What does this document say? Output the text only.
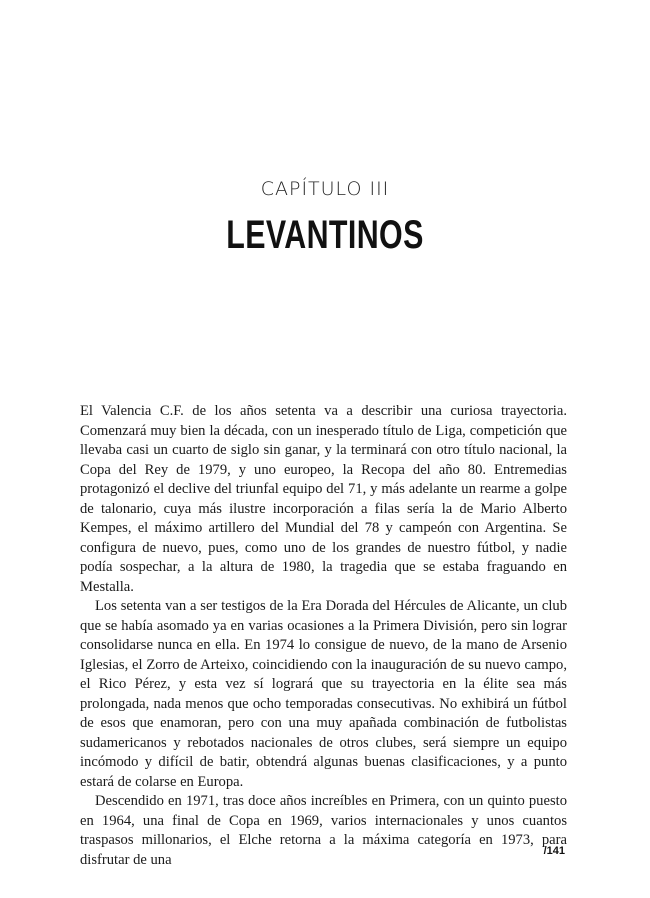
CAPÍTULO III
LEVANTINOS

El Valencia C.F. de los años setenta va a describir una curiosa trayectoria. Comenzará muy bien la década, con un inesperado título de Liga, competición que llevaba casi un cuarto de siglo sin ganar, y la terminará con otro título nacional, la Copa del Rey de 1979, y uno europeo, la Recopa del año 80. Entremedias protagonizó el declive del triunfal equipo del 71, y más adelante un rearme a golpe de talonario, cuya más ilustre incorporación a filas sería la de Mario Alberto Kempes, el máximo artillero del Mundial del 78 y campeón con Argentina. Se configura de nuevo, pues, como uno de los grandes de nuestro fútbol, y nadie podía sospechar, a la altura de 1980, la tragedia que se estaba fraguando en Mestalla.

Los setenta van a ser testigos de la Era Dorada del Hércules de Alicante, un club que se había asomado ya en varias ocasiones a la Primera División, pero sin lograr consolidarse nunca en ella. En 1974 lo consigue de nuevo, de la mano de Arsenio Iglesias, el Zorro de Arteixo, coincidiendo con la inauguración de su nuevo campo, el Rico Pérez, y esta vez sí logrará que su trayectoria en la élite sea más prolongada, nada menos que ocho temporadas consecutivas. No exhibirá un fútbol de esos que enamoran, pero con una muy apañada combinación de futbolistas sudamericanos y rebotados nacionales de otros clubes, será siempre un equipo incómodo y difícil de batir, obtendrá algunas buenas clasificaciones, y a punto estará de colarse en Europa.

Descendido en 1971, tras doce años increíbles en Primera, con un quinto puesto en 1964, una final de Copa en 1969, varios internacionales y unos cuantos traspasos millonarios, el Elche retorna a la máxima categoría en 1973, para disfrutar de una

/141
